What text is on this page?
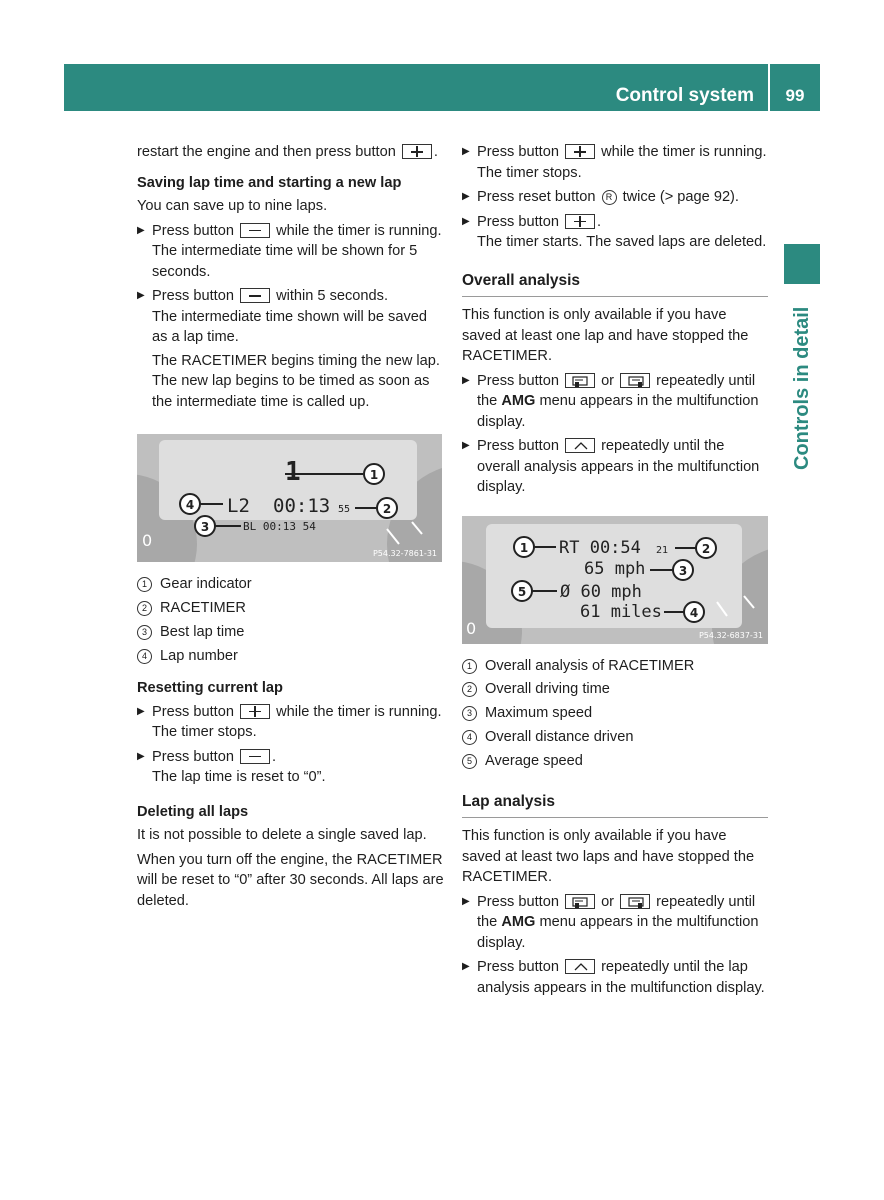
Control system	99
Controls in detail

restart the engine and then press button	.

Saving lap time and starting a new lap

You can save up to nine laps.

▶ Press button	while the timer is running.
The intermediate time will be shown for 5 seconds.
▶ Press button	within 5 seconds.
The intermediate time shown will be saved as a lap time.

The RACETIMER begins timing the new lap. The new lap begins to be timed as soon as the intermediate time is called up.

0
1
1
4 L2 00:13 55	2
3	BL 00:13 54
P54.32-7861-31
1 Gear indicator
2 RACETIMER
3 Best lap time
4 Lap number

Resetting current lap

▶ Press button	while the timer is running.
The timer stops.
▶ Press button	.
The lap time is reset to “0”.

Deleting all laps

It is not possible to delete a single saved lap.

When you turn off the engine, the RACETIMER will be reset to “0” after 30 seconds. All laps are deleted.

▶ Press button	while the timer is running.
The timer stops.
▶ Press reset button R twice (> page 92).
▶ Press button	.
The timer starts. The saved laps are deleted.
Overall analysis

This function is only available if you have saved at least one lap and have stopped the RACETIMER.

▶ Press button	or	repeatedly until the AMG menu appears in the multifunction display.
▶ Press button	repeatedly until the overall analysis appears in the multifunction display.
0
1 RT 00:54 21	2
65 mph	3
5 Ø 60 mph
61 miles 4
P54.32-6837-31
1 Overall analysis of RACETIMER
2 Overall driving time
3 Maximum speed
4 Overall distance driven
5 Average speed
Lap analysis

This function is only available if you have saved at least two laps and have stopped the RACETIMER.

▶ Press button	or	repeatedly until the AMG menu appears in the multifunction display.
▶ Press button	repeatedly until the lap analysis appears in the multifunction display.
